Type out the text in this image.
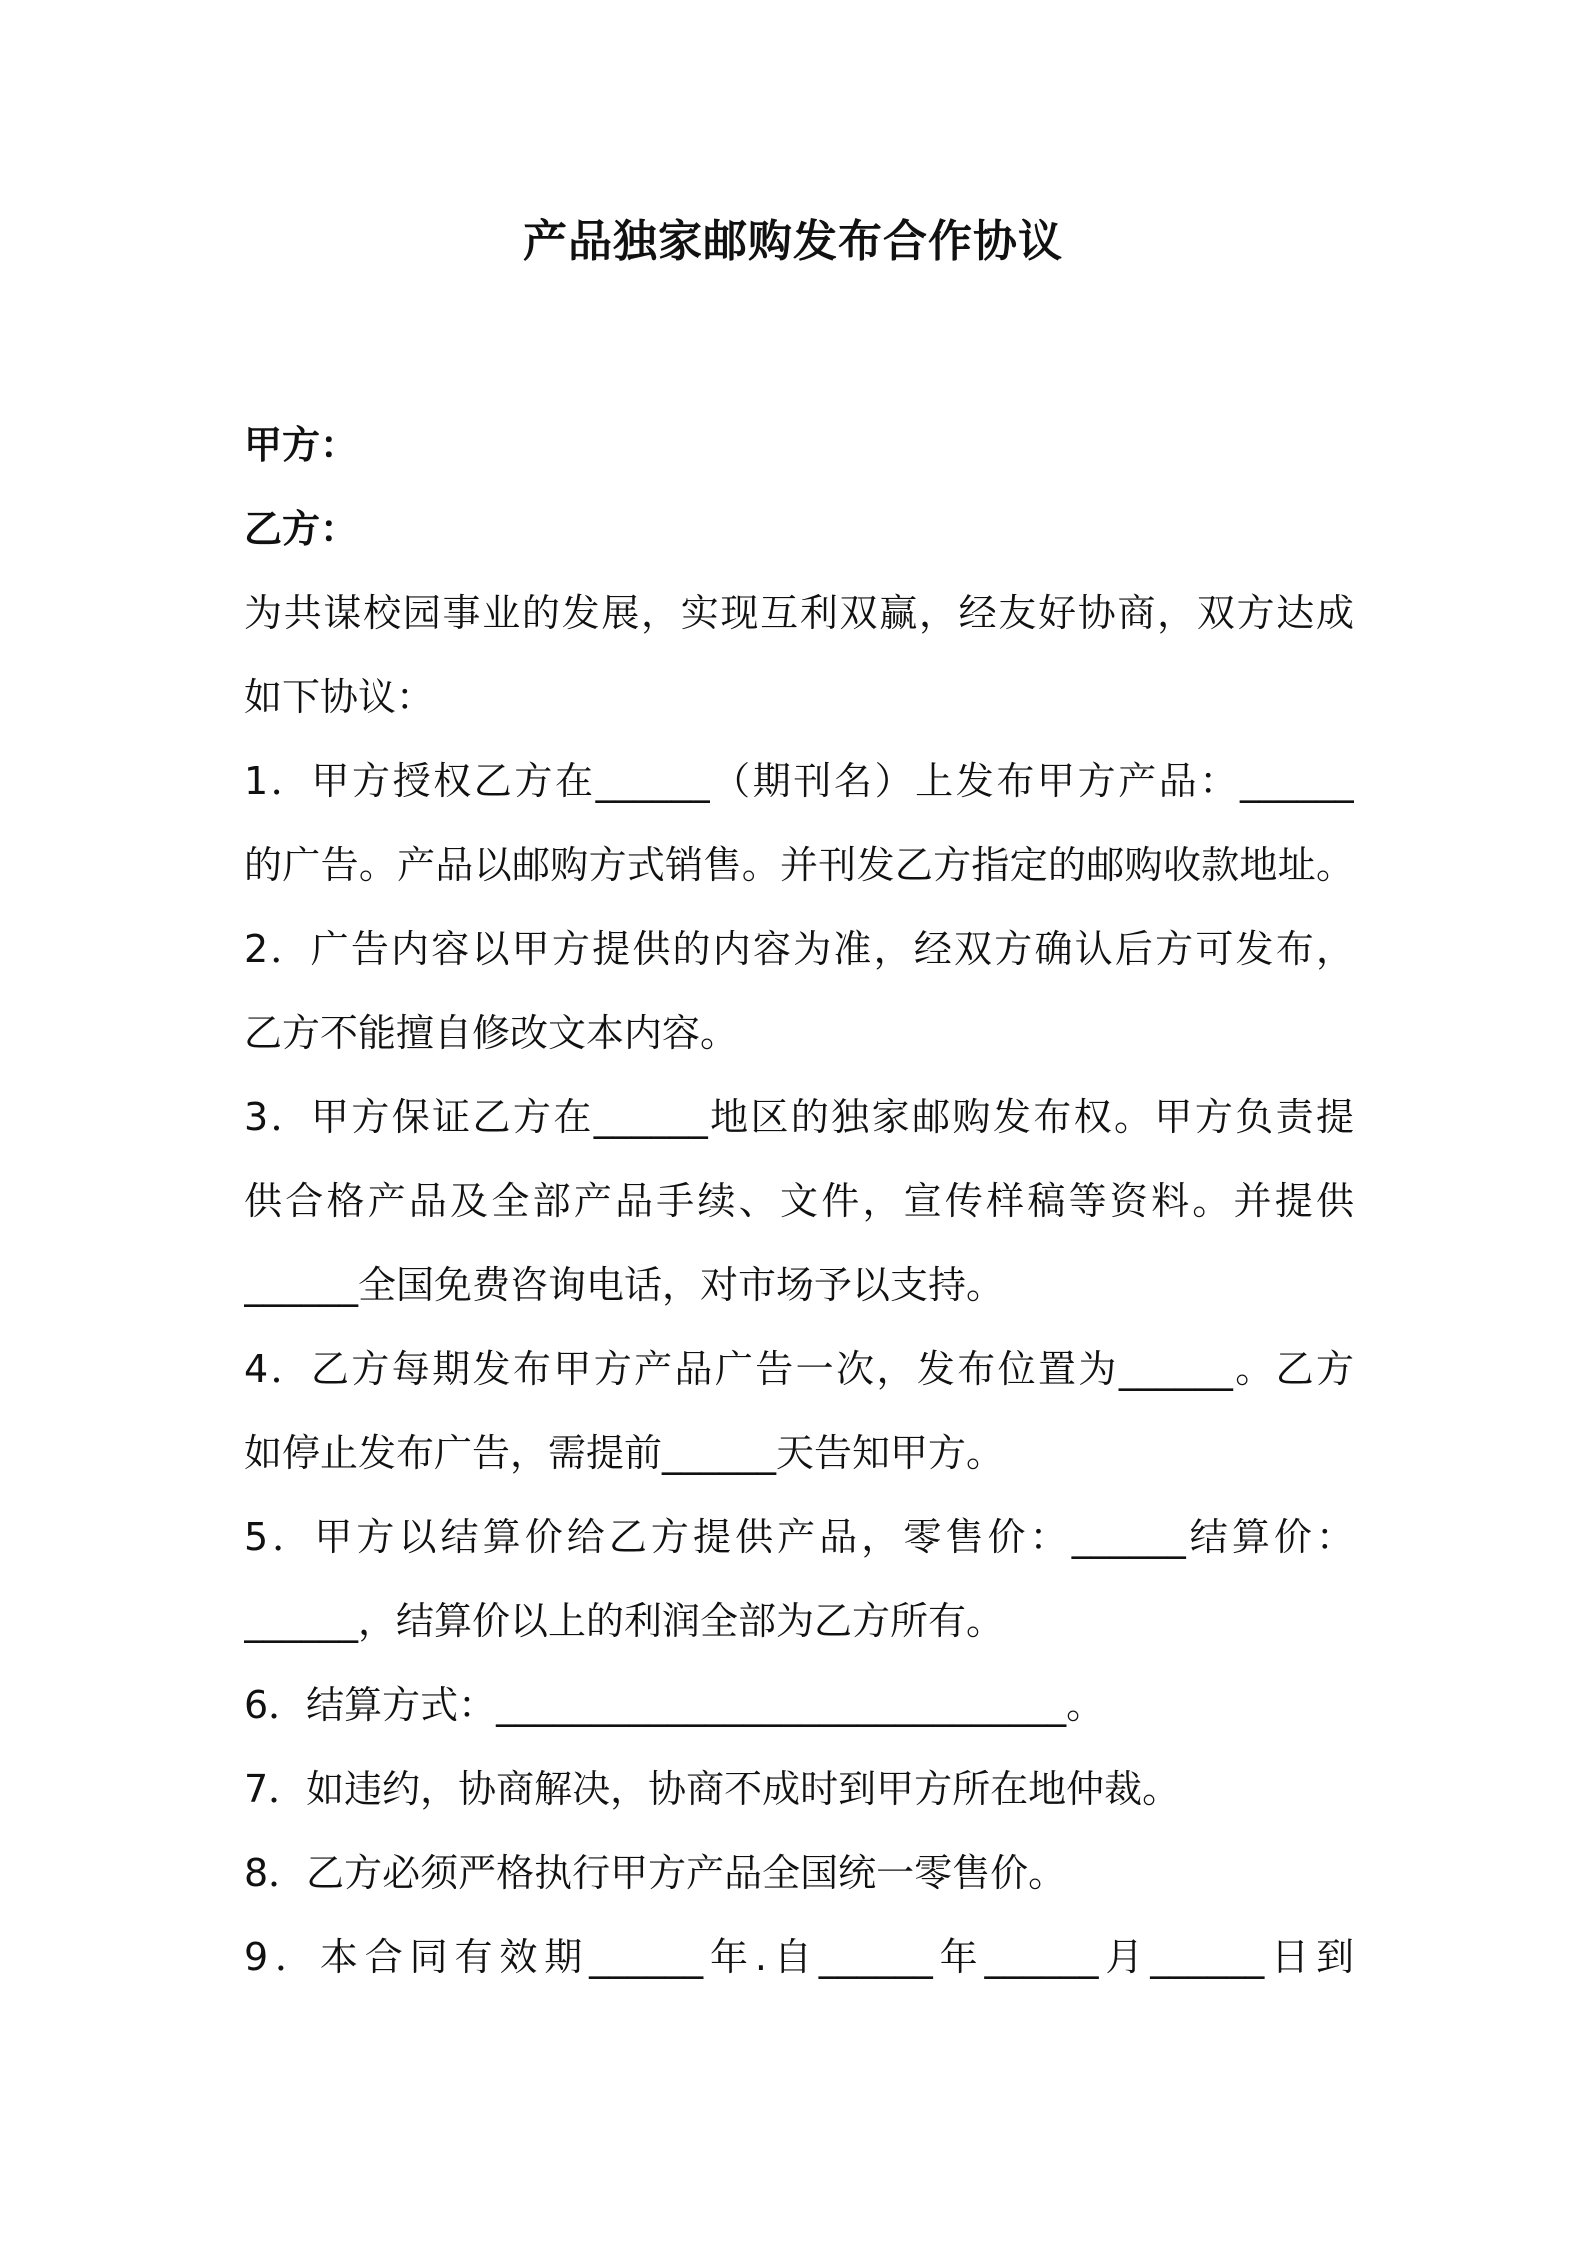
产品独家邮购发布合作协议
甲方：
乙方：
为共谋校园事业的发展，实现互利双赢，经友好协商，双方达成
如下协议：
1．甲方授权乙方在______（期刊名）上发布甲方产品：______
的广告。产品以邮购方式销售。并刊发乙方指定的邮购收款地址。
2．广告内容以甲方提供的内容为准，经双方确认后方可发布，
乙方不能擅自修改文本内容。
3．甲方保证乙方在______地区的独家邮购发布权。甲方负责提
供合格产品及全部产品手续、文件，宣传样稿等资料。并提供
______全国免费咨询电话，对市场予以支持。
4．乙方每期发布甲方产品广告一次，发布位置为______。乙方
如停止发布广告，需提前______天告知甲方。
5．甲方以结算价给乙方提供产品，零售价：______结算价：
______，结算价以上的利润全部为乙方所有。
6．结算方式：______________________________。
7．如违约，协商解决，协商不成时到甲方所在地仲裁。
8．乙方必须严格执行甲方产品全国统一零售价。
9．本合同有效期______年.自______年______月______日到
